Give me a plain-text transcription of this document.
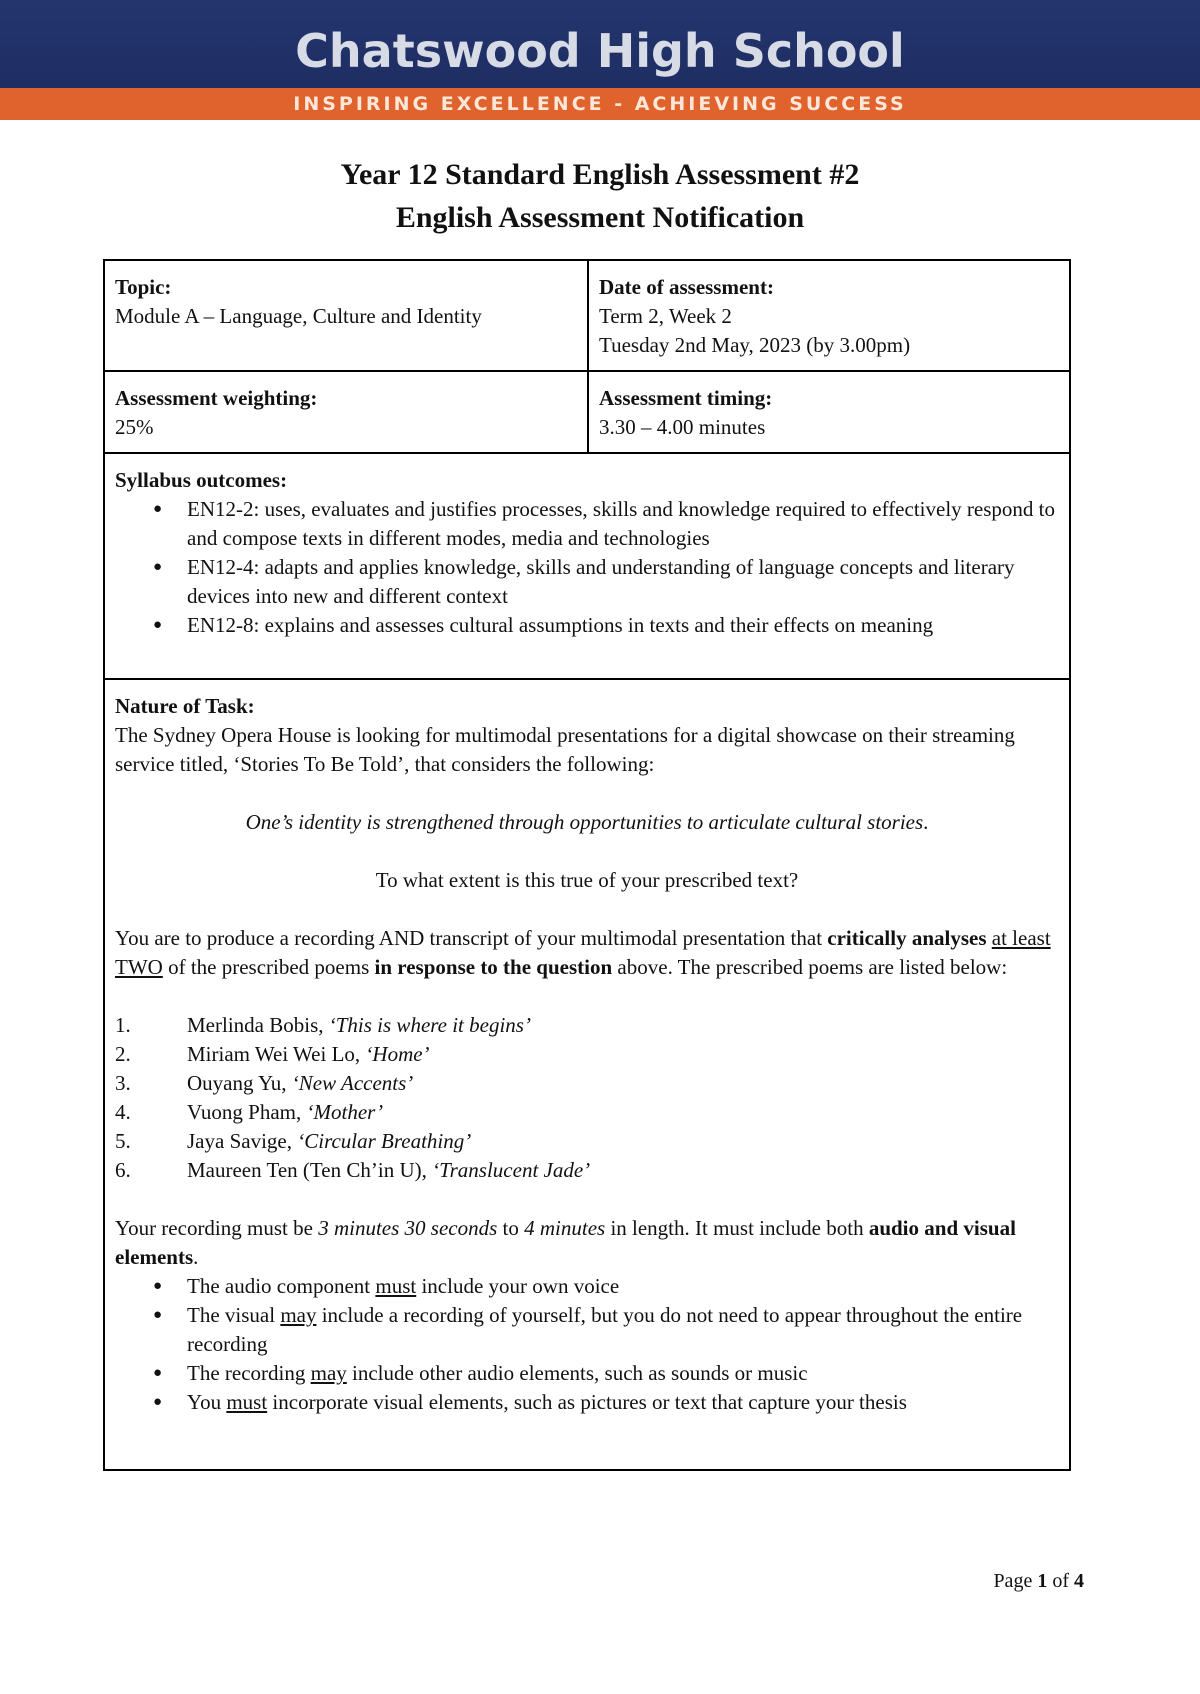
Chatswood High School
INSPIRING EXCELLENCE - ACHIEVING SUCCESS
Year 12 Standard English Assessment #2
English Assessment Notification
Topic:
Module A – Language, Culture and Identity
Date of assessment:
Term 2, Week 2
Tuesday 2nd May, 2023 (by 3.00pm)
Assessment weighting:
25%
Assessment timing:
3.30 – 4.00 minutes
Syllabus outcomes:
● EN12-2: uses, evaluates and justifies processes, skills and knowledge required to effectively respond to and compose texts in different modes, media and technologies
● EN12-4: adapts and applies knowledge, skills and understanding of language concepts and literary devices into new and different context
● EN12-8: explains and assesses cultural assumptions in texts and their effects on meaning
Nature of Task:
The Sydney Opera House is looking for multimodal presentations for a digital showcase on their streaming service titled, ‘Stories To Be Told’, that considers the following:
One’s identity is strengthened through opportunities to articulate cultural stories.
To what extent is this true of your prescribed text?
You are to produce a recording AND transcript of your multimodal presentation that critically analyses at least TWO of the prescribed poems in response to the question above. The prescribed poems are listed below:
1.	Merlinda Bobis, ‘This is where it begins’
2.	Miriam Wei Wei Lo, ‘Home’
3.	Ouyang Yu, ‘New Accents’
4.	Vuong Pham, ‘Mother’
5.	Jaya Savige, ‘Circular Breathing’
6.	Maureen Ten (Ten Ch’in U), ‘Translucent Jade’
Your recording must be 3 minutes 30 seconds to 4 minutes in length. It must include both audio and visual elements.
● The audio component must include your own voice
● The visual may include a recording of yourself, but you do not need to appear throughout the entire recording
● The recording may include other audio elements, such as sounds or music
● You must incorporate visual elements, such as pictures or text that capture your thesis
Page 1 of 4
